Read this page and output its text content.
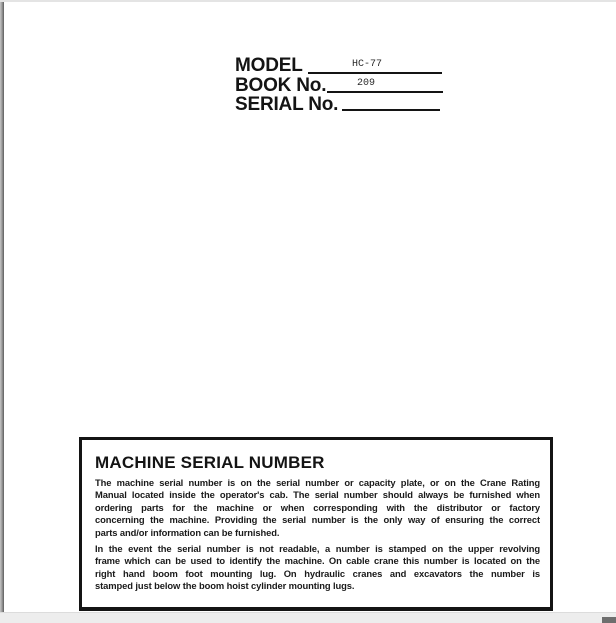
MODEL	HC-77
BOOK No.	209
SERIAL No.
MACHINE SERIAL NUMBER
The machine serial number is on the serial number or capacity plate, or on the Crane Rating
Manual located inside the operator's cab. The serial number should always be furnished when
ordering parts for the machine or when corresponding with the distributor or factory
concerning the machine. Providing the serial number is the only way of ensuring the correct
parts and/or information can be furnished.
In the event the serial number is not readable, a number is stamped on the upper revolving
frame which can be used to identify the machine. On cable crane this number is located on the
right hand boom foot mounting lug. On hydraulic cranes and excavators the number is
stamped just below the boom hoist cylinder mounting lugs.
